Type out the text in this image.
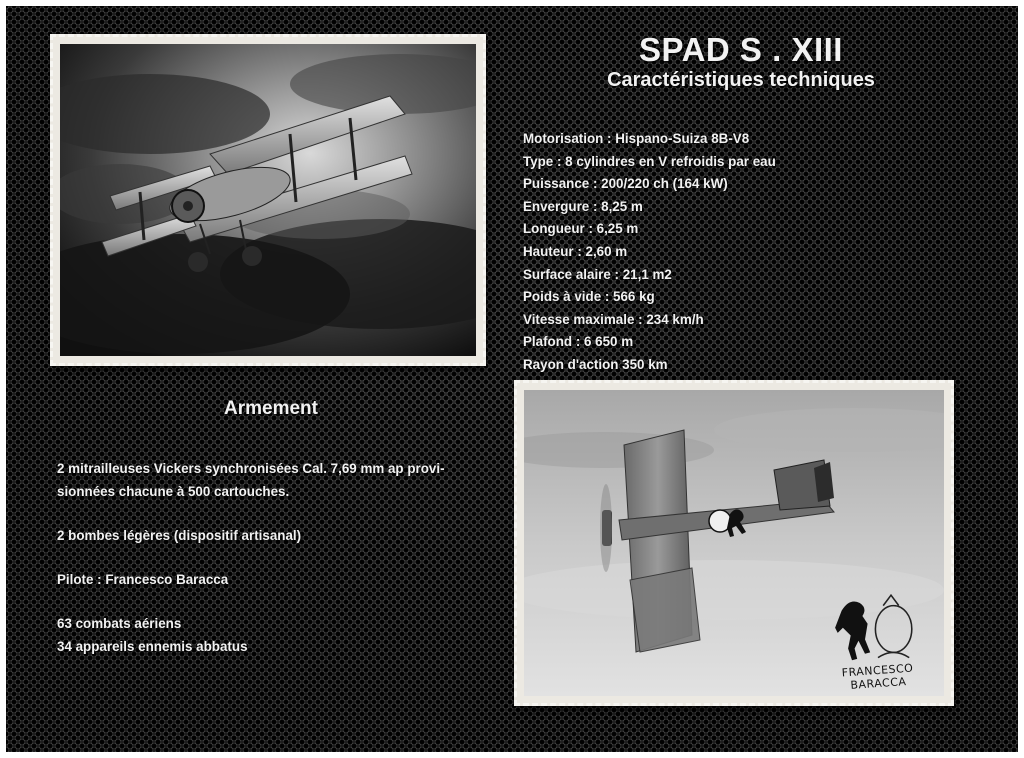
SPAD S . XIII
Caractéristiques techniques
Motorisation : Hispano-Suiza 8B-V8
Type : 8 cylindres en V refroidis par eau
Puissance : 200/220 ch (164 kW)
Envergure : 8,25 m
Longueur : 6,25 m
Hauteur : 2,60 m
Surface alaire : 21,1 m2
Poids à vide : 566 kg
Vitesse maximale : 234 km/h
Plafond : 6 650 m
Rayon d'action 350 km
Armement

2 mitrailleuses Vickers synchronisées Cal. 7,69 mm ap provi-

sionnées chacune à 500 cartouches.

2 bombes légères (dispositif artisanal)

Pilote : Francesco Baracca

63 combats aériens

34 appareils ennemis abbatus

FRANCESCO BARACCA
